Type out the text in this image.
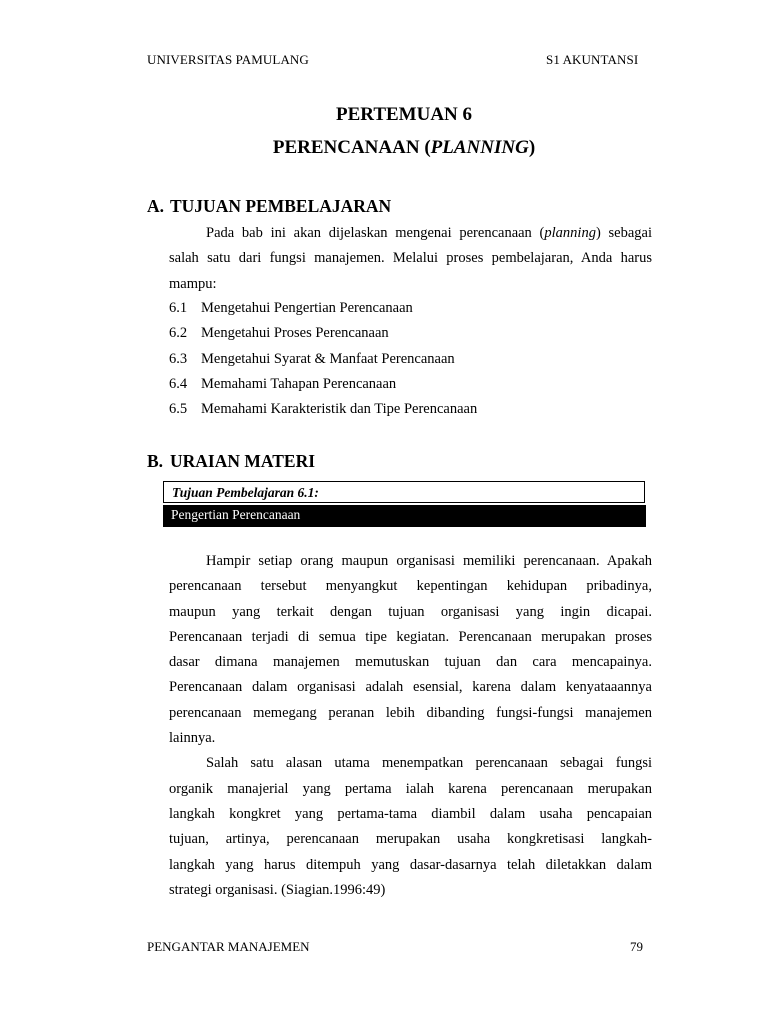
UNIVERSITAS PAMULANG	S1 AKUNTANSI
PERTEMUAN 6
PERENCANAAN (PLANNING)
A. TUJUAN PEMBELAJARAN
Pada bab ini akan dijelaskan mengenai perencanaan (planning) sebagai
salah satu dari fungsi manajemen. Melalui proses pembelajaran, Anda harus
mampu:
6.1 Mengetahui Pengertian Perencanaan
6.2 Mengetahui Proses Perencanaan
6.3 Mengetahui Syarat & Manfaat Perencanaan
6.4 Memahami Tahapan Perencanaan
6.5 Memahami Karakteristik dan Tipe Perencanaan
B. URAIAN MATERI
Tujuan Pembelajaran 6.1:
Pengertian Perencanaan
Hampir setiap orang maupun organisasi memiliki perencanaan. Apakah
perencanaan tersebut menyangkut kepentingan kehidupan pribadinya,
maupun yang terkait dengan tujuan organisasi yang ingin dicapai.
Perencanaan terjadi di semua tipe kegiatan. Perencanaan merupakan proses
dasar dimana manajemen memutuskan tujuan dan cara mencapainya.
Perencanaan dalam organisasi adalah esensial, karena dalam kenyataaannya
perencanaan memegang peranan lebih dibanding fungsi-fungsi manajemen
lainnya.
Salah satu alasan utama menempatkan perencanaan sebagai fungsi
organik manajerial yang pertama ialah karena perencanaan merupakan
langkah kongkret yang pertama-tama diambil dalam usaha pencapaian
tujuan, artinya, perencanaan merupakan usaha kongkretisasi langkah-
langkah yang harus ditempuh yang dasar-dasarnya telah diletakkan dalam
strategi organisasi. (Siagian.1996:49)
PENGANTAR MANAJEMEN	79
